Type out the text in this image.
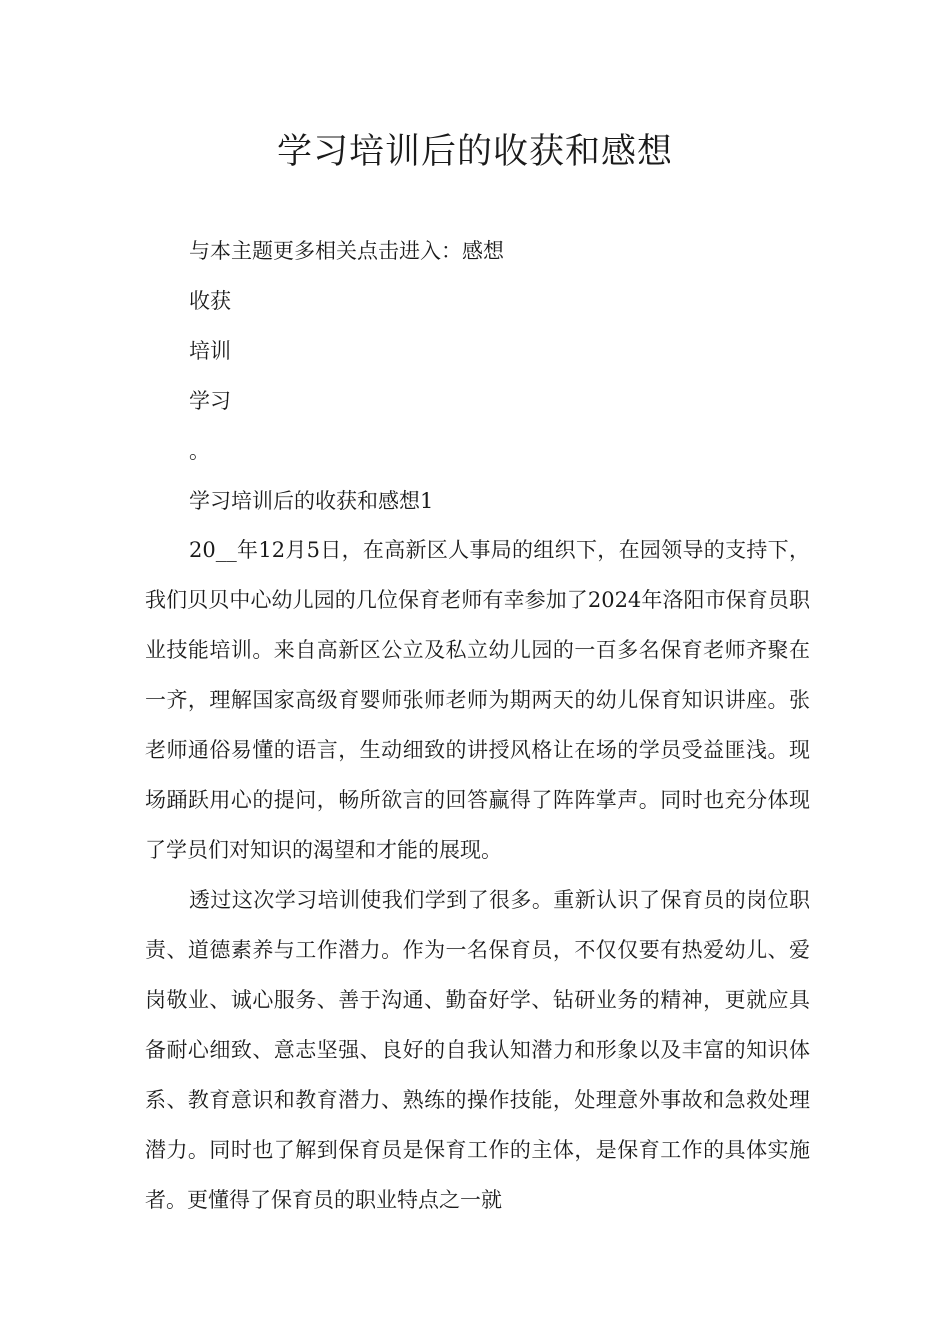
学习培训后的收获和感想

与本主题更多相关点击进入：感想

收获

培训

学习

。

学习培训后的收获和感想1

20__年12月5日，在高新区人事局的组织下，在园领导的支持下，我们贝贝中心幼儿园的几位保育老师有幸参加了2024年洛阳市保育员职业技能培训。来自高新区公立及私立幼儿园的一百多名保育老师齐聚在一齐，理解国家高级育婴师张师老师为期两天的幼儿保育知识讲座。张老师通俗易懂的语言，生动细致的讲授风格让在场的学员受益匪浅。现场踊跃用心的提问，畅所欲言的回答赢得了阵阵掌声。同时也充分体现了学员们对知识的渴望和才能的展现。

透过这次学习培训使我们学到了很多。重新认识了保育员的岗位职责、道德素养与工作潜力。作为一名保育员，不仅仅要有热爱幼儿、爱岗敬业、诚心服务、善于沟通、勤奋好学、钻研业务的精神，更就应具备耐心细致、意志坚强、良好的自我认知潜力和形象以及丰富的知识体系、教育意识和教育潜力、熟练的操作技能，处理意外事故和急救处理潜力。同时也了解到保育员是保育工作的主体，是保育工作的具体实施者。更懂得了保育员的职业特点之一就
